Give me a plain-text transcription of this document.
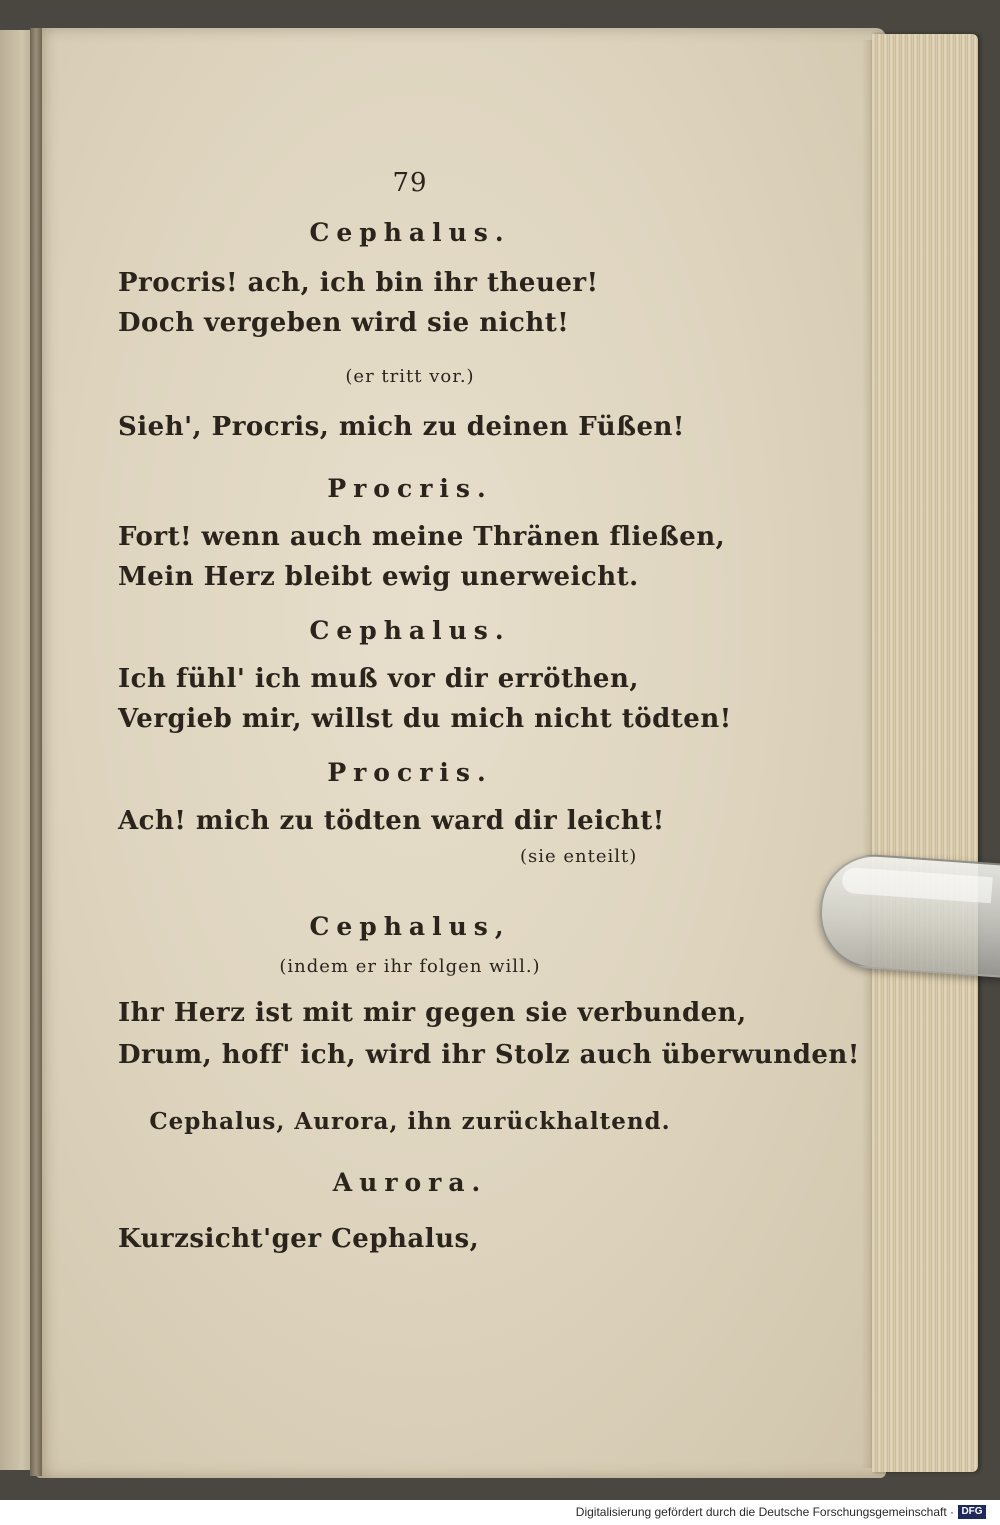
79
Cephalus.
Procris! ach, ich bin ihr theuer!
Doch vergeben wird sie nicht!
(er tritt vor.)
Sieh', Procris, mich zu deinen Füßen!
Procris.
Fort! wenn auch meine Thränen fließen,
Mein Herz bleibt ewig unerweicht.
Cephalus.
Ich fühl' ich muß vor dir erröthen,
Vergieb mir, willst du mich nicht tödten!
Procris.
Ach! mich zu tödten ward dir leicht!
(sie enteilt)
Cephalus,
(indem er ihr folgen will.)
Ihr Herz ist mit mir gegen sie verbunden,
Drum, hoff' ich, wird ihr Stolz auch überwunden!
Cephalus, Aurora, ihn zurückhaltend.
Aurora.
Kurzsicht'ger Cephalus,
Digitalisierung gefördert durch die Deutsche Forschungsgemeinschaft · DFG
